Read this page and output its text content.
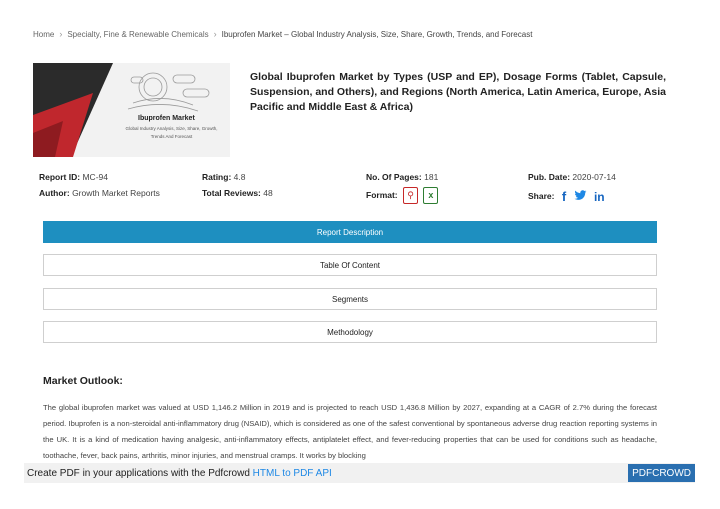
Home › Specialty, Fine & Renewable Chemicals › Ibuprofen Market – Global Industry Analysis, Size, Share, Growth, Trends, and Forecast
Ibuprofen Market
Global Industry Analysis, Size, Share, Growth, Trends And Forecast
Global Ibuprofen Market by Types (USP and EP), Dosage Forms (Tablet, Capsule, Suspension, and Others), and Regions (North America, Latin America, Europe, Asia Pacific and Middle East & Africa)
Report ID: MC-94	Rating: 4.8	No. Of Pages: 181	Pub. Date: 2020-07-14
Author: Growth Market Reports	Total Reviews: 48	Format: ⚲ x	Share: f in
Report Description
Table Of Content
Segments
Methodology
Market Outlook:
The global ibuprofen market was valued at USD 1,146.2 Million in 2019 and is projected to reach USD 1,436.8 Million by 2027, expanding at a CAGR of 2.7% during the forecast period. Ibuprofen is a non-steroidal anti-inflammatory drug (NSAID), which is considered as one of the safest conventional by spontaneous adverse drug reaction reporting systems in the UK. It is a kind of medication having analgesic, anti-inflammatory effects, antiplatelet effect, and fever-reducing properties that can be used for conditions such as headache, toothache, fever, back pains, arthritis, minor injuries, and menstrual cramps. It works by blocking
Create PDF in your applications with the Pdfcrowd HTML to PDF API	PDFCROWD
